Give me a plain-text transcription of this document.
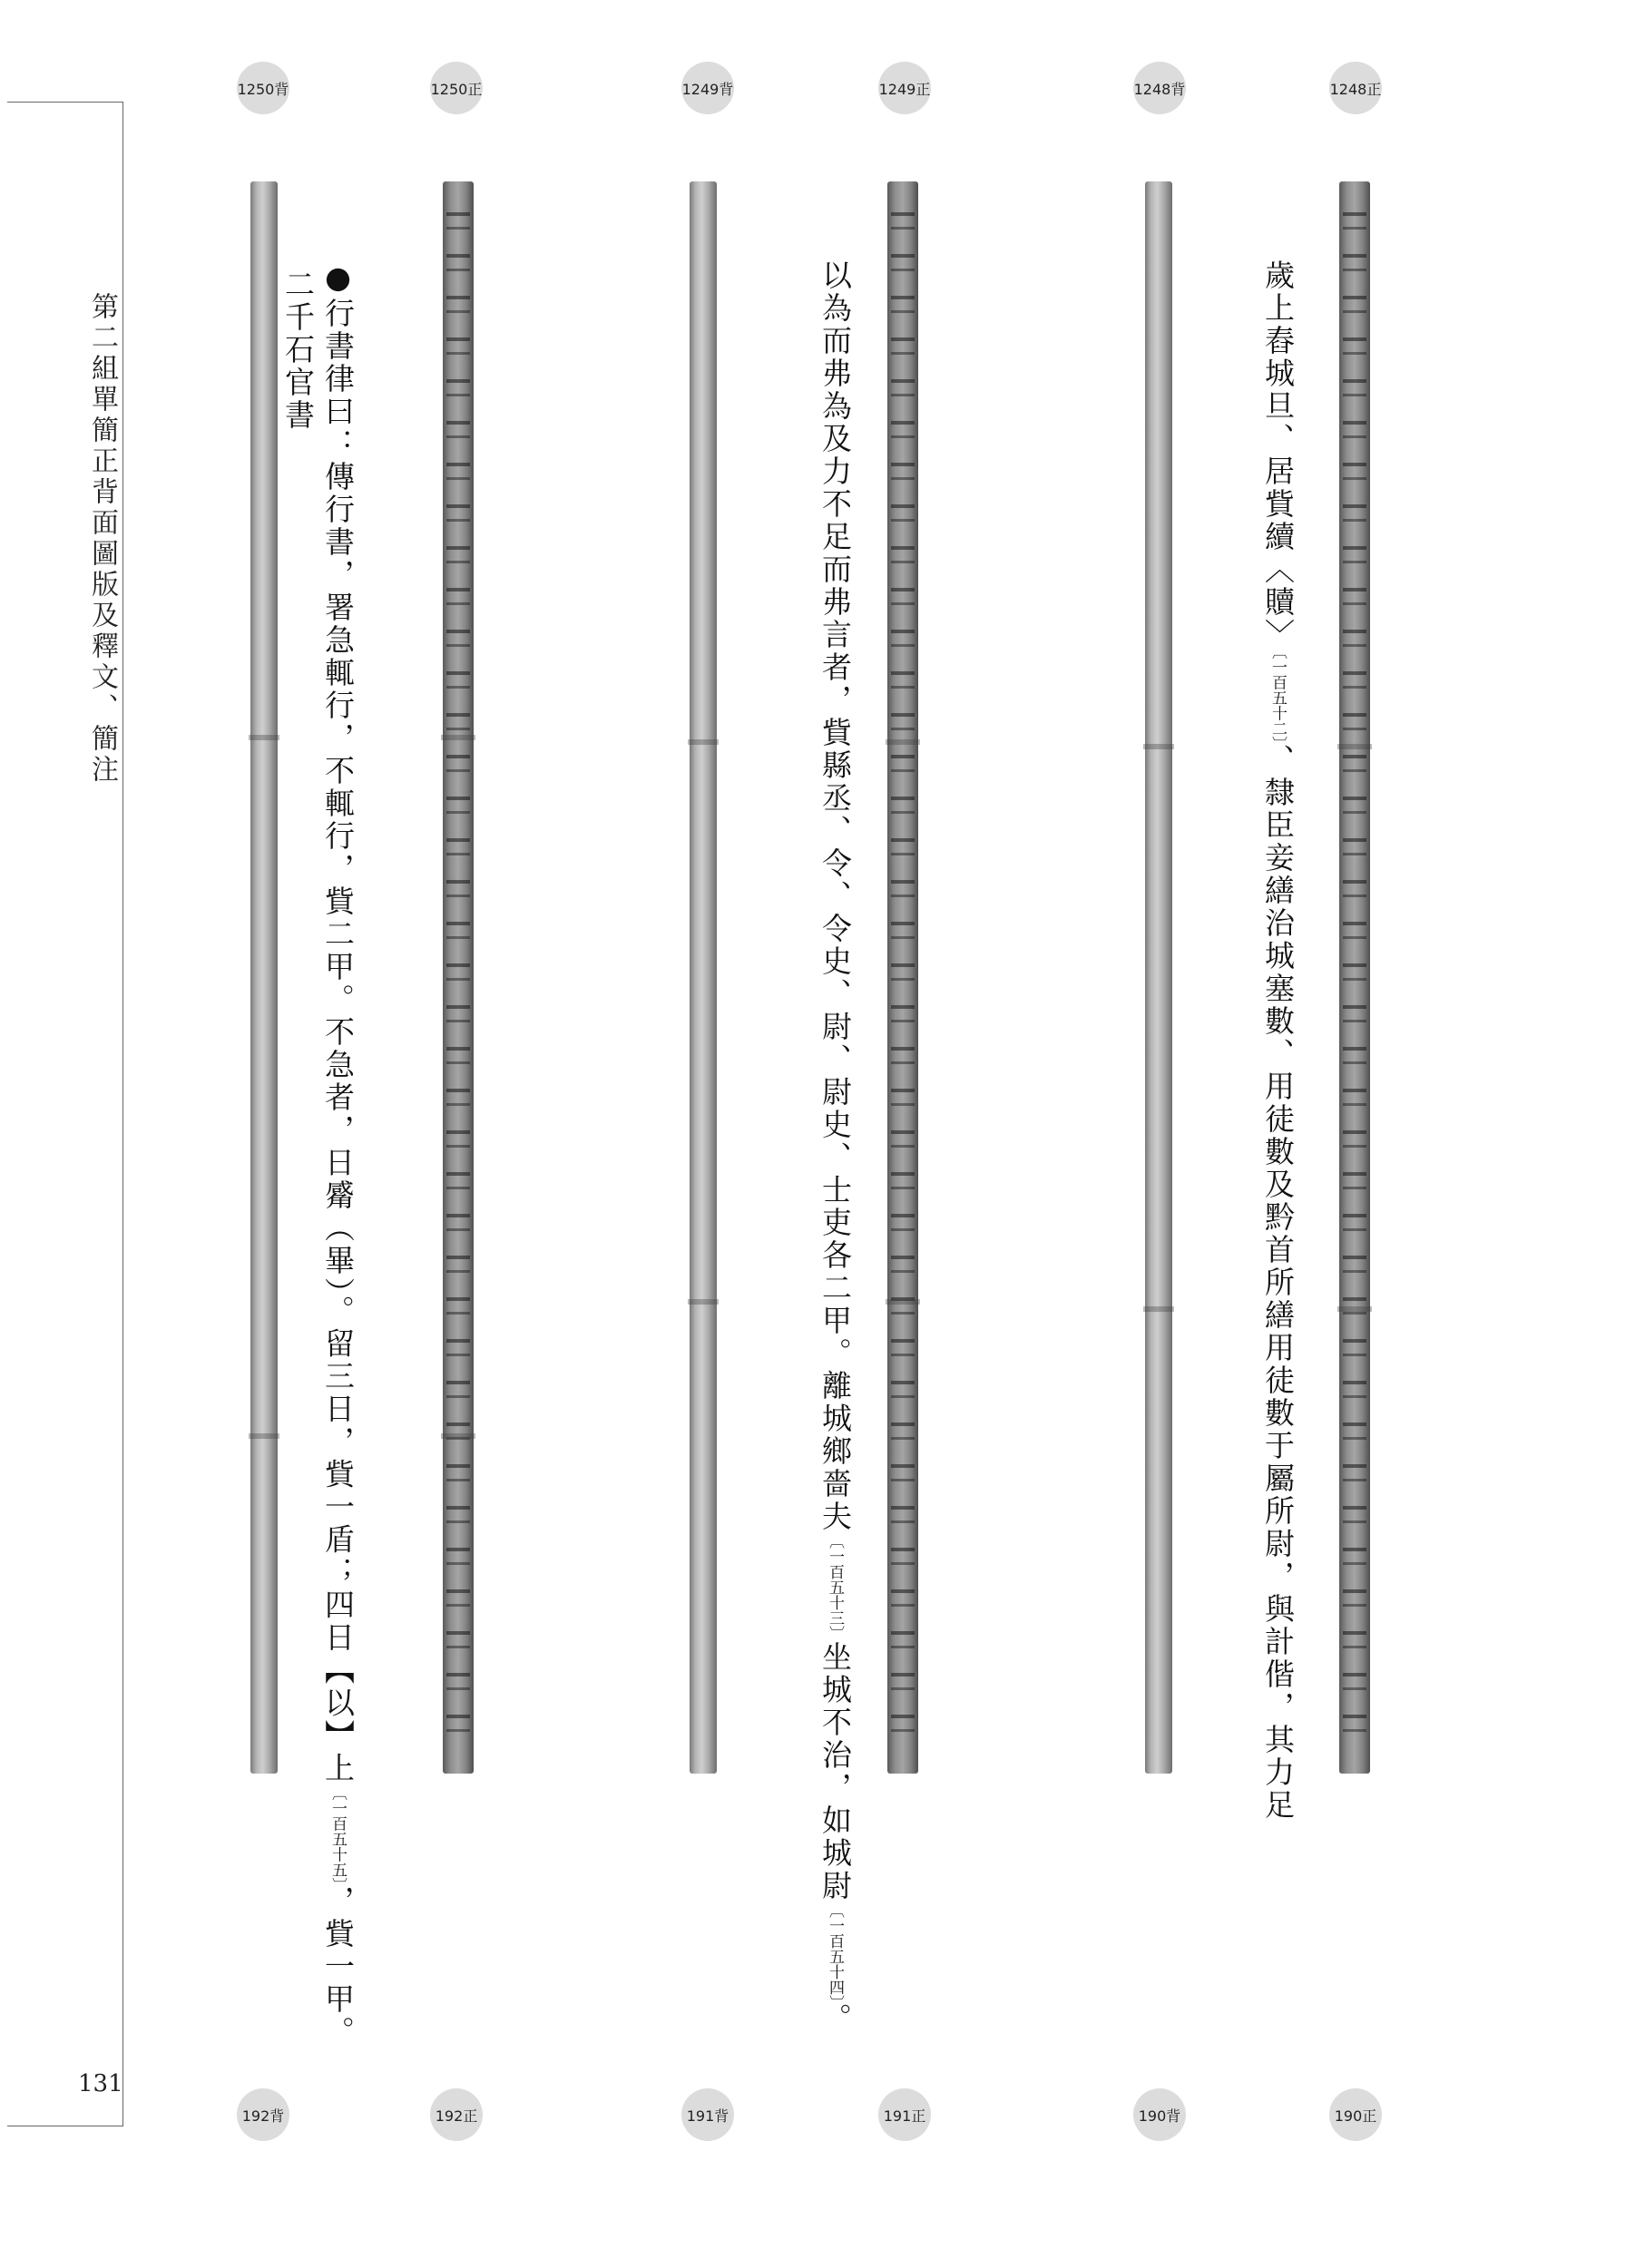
第二組單簡正背面圖版及釋文、簡注
131
1250背	1250正	1249背	1249正	1248背	1248正
歲上舂城旦、居貲續〈贖〉〔一百五十二〕、隸臣妾繕治城塞數、用徒數及黔首所繕用徒數于屬所尉，與計偕，其力足
以為而弗為及力不足而弗言者，貲縣丞、令、令史、尉、尉史、士吏各二甲。離城鄉嗇夫〔一百五十三〕坐城不治，如城尉〔一百五十四〕。
●行書律曰：傳行書，署急輒行，不輒行，貲二甲。不急者，日觱（畢）。留三日，貲一盾；四日【以】上〔一百五十五〕，貲一甲。
二千石官書
192背	192正	191背	191正	190背	190正
